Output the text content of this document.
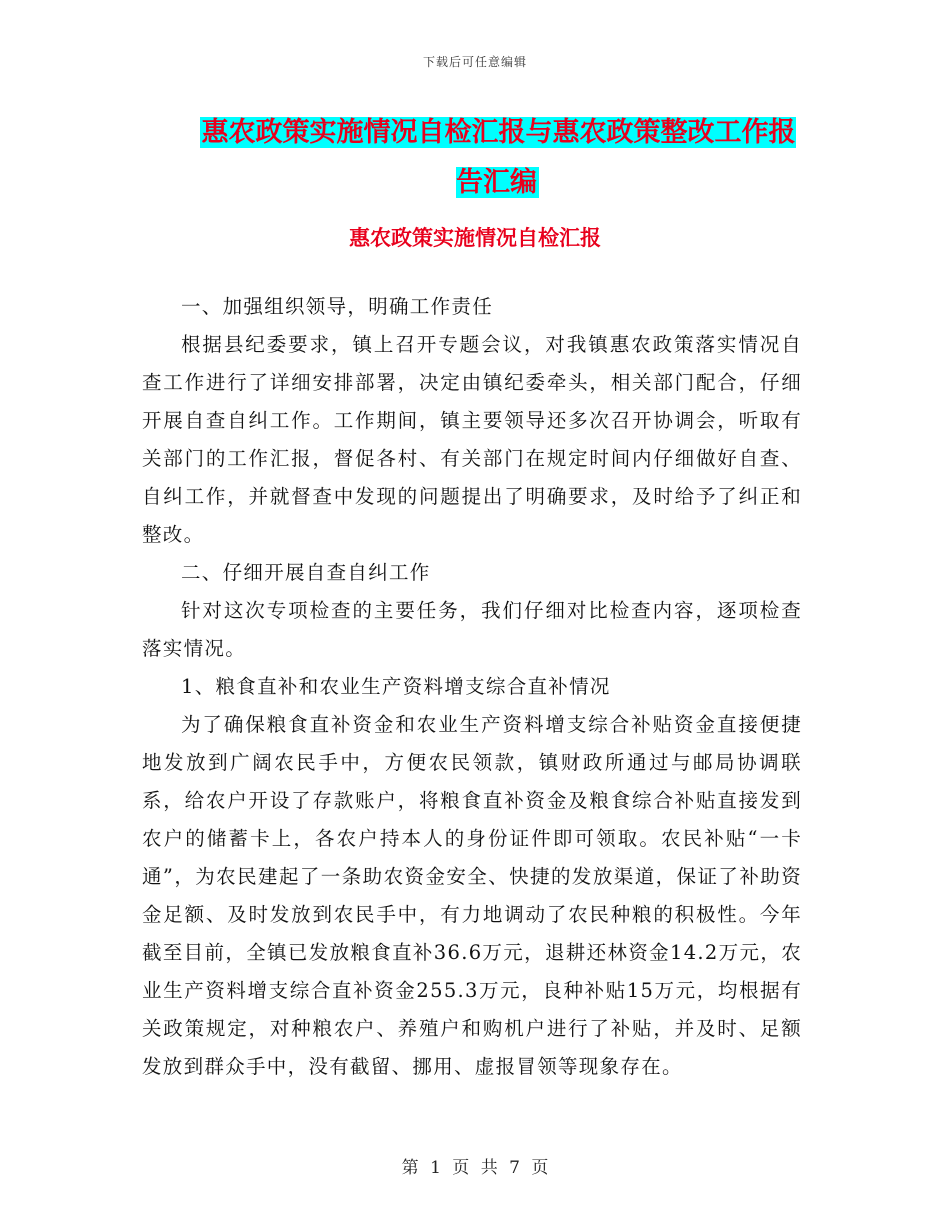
下载后可任意编辑
惠农政策实施情况自检汇报与惠农政策整改工作报告汇编
惠农政策实施情况自检汇报

一、加强组织领导，明确工作责任

根据县纪委要求，镇上召开专题会议，对我镇惠农政策落实情况自查工作进行了详细安排部署，决定由镇纪委牵头，相关部门配合，仔细开展自查自纠工作。工作期间，镇主要领导还多次召开协调会，听取有关部门的工作汇报，督促各村、有关部门在规定时间内仔细做好自查、自纠工作，并就督查中发现的问题提出了明确要求，及时给予了纠正和整改。

二、仔细开展自查自纠工作

针对这次专项检查的主要任务，我们仔细对比检查内容，逐项检查落实情况。

1、粮食直补和农业生产资料增支综合直补情况

为了确保粮食直补资金和农业生产资料增支综合补贴资金直接便捷地发放到广阔农民手中，方便农民领款，镇财政所通过与邮局协调联系，给农户开设了存款账户，将粮食直补资金及粮食综合补贴直接发到农户的储蓄卡上，各农户持本人的身份证件即可领取。农民补贴“一卡通”，为农民建起了一条助农资金安全、快捷的发放渠道，保证了补助资金足额、及时发放到农民手中，有力地调动了农民种粮的积极性。今年截至目前，全镇已发放粮食直补36.6万元，退耕还林资金14.2万元，农业生产资料增支综合直补资金255.3万元，良种补贴15万元，均根据有关政策规定，对种粮农户、养殖户和购机户进行了补贴，并及时、足额发放到群众手中，没有截留、挪用、虚报冒领等现象存在。

第 1 页 共 7 页
